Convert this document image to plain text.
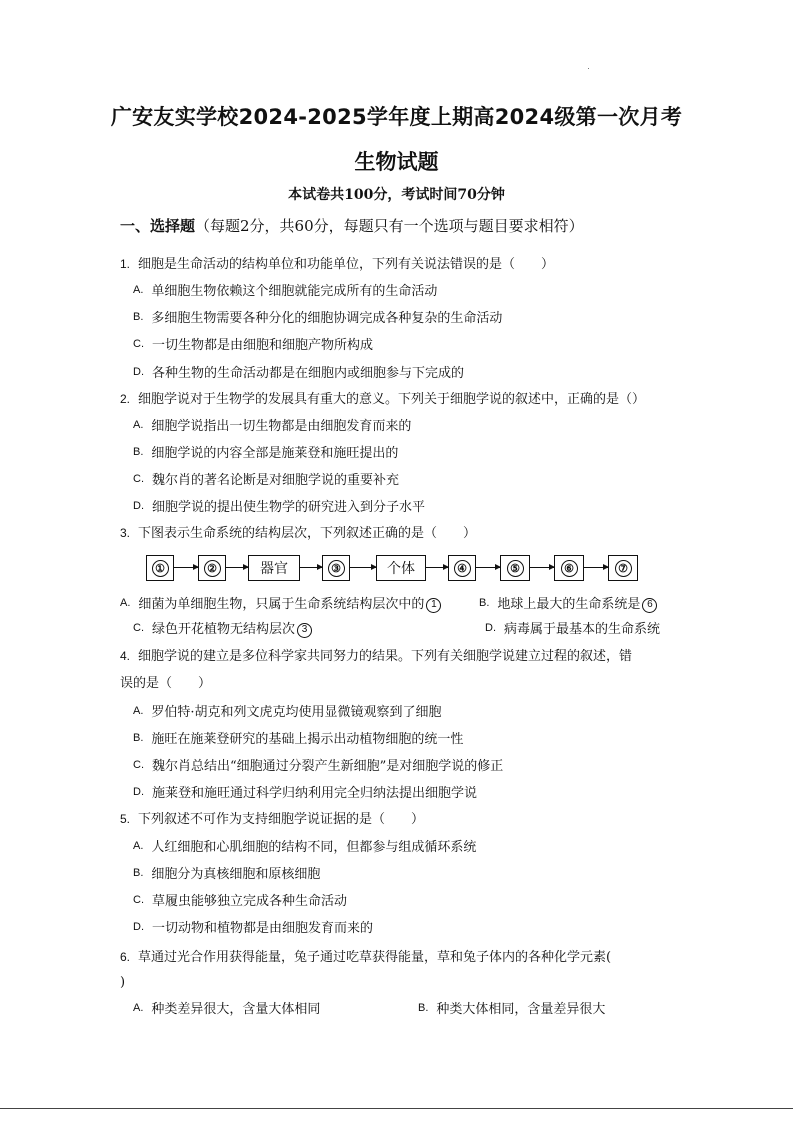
广安友实学校2024-2025学年度上期高2024级第一次月考
生物试题
本试卷共100分，考试时间70分钟
一、选择题（每题2分，共60分，每题只有一个选项与题目要求相符）
1. 细胞是生命活动的结构单位和功能单位，下列有关说法错误的是（　　）
A. 单细胞生物依赖这个细胞就能完成所有的生命活动
B. 多细胞生物需要各种分化的细胞协调完成各种复杂的生命活动
C. 一切生物都是由细胞和细胞产物所构成
D. 各种生物的生命活动都是在细胞内或细胞参与下完成的
2. 细胞学说对于生物学的发展具有重大的意义。下列关于细胞学说的叙述中，正确的是（）
A. 细胞学说指出一切生物都是由细胞发育而来的
B. 细胞学说的内容全部是施莱登和施旺提出的
C. 魏尔肖的著名论断是对细胞学说的重要补充
D. 细胞学说的提出使生物学的研究进入到分子水平
3. 下图表示生命系统的结构层次，下列叙述正确的是（　　）
①	②	器官	③	个体	④	⑤	⑥	⑦
A. 细菌为单细胞生物，只属于生命系统结构层次中的 1	B. 地球上最大的生命系统是 6
C. 绿色开花植物无结构层次 3	D. 病毒属于最基本的生命系统
4. 细胞学说的建立是多位科学家共同努力的结果。下列有关细胞学说建立过程的叙述，错
误的是（　　）
A. 罗伯特·胡克和列文虎克均使用显微镜观察到了细胞
B. 施旺在施莱登研究的基础上揭示出动植物细胞的统一性
C. 魏尔肖总结出“细胞通过分裂产生新细胞”是对细胞学说的修正
D. 施莱登和施旺通过科学归纳利用完全归纳法提出细胞学说
5. 下列叙述不可作为支持细胞学说证据的是（　　）
A. 人红细胞和心肌细胞的结构不同，但都参与组成循环系统
B. 细胞分为真核细胞和原核细胞
C. 草履虫能够独立完成各种生命活动
D. 一切动物和植物都是由细胞发育而来的
6. 草通过光合作用获得能量，兔子通过吃草获得能量，草和兔子体内的各种化学元素(
)
A. 种类差异很大，含量大体相同	B. 种类大体相同，含量差异很大
